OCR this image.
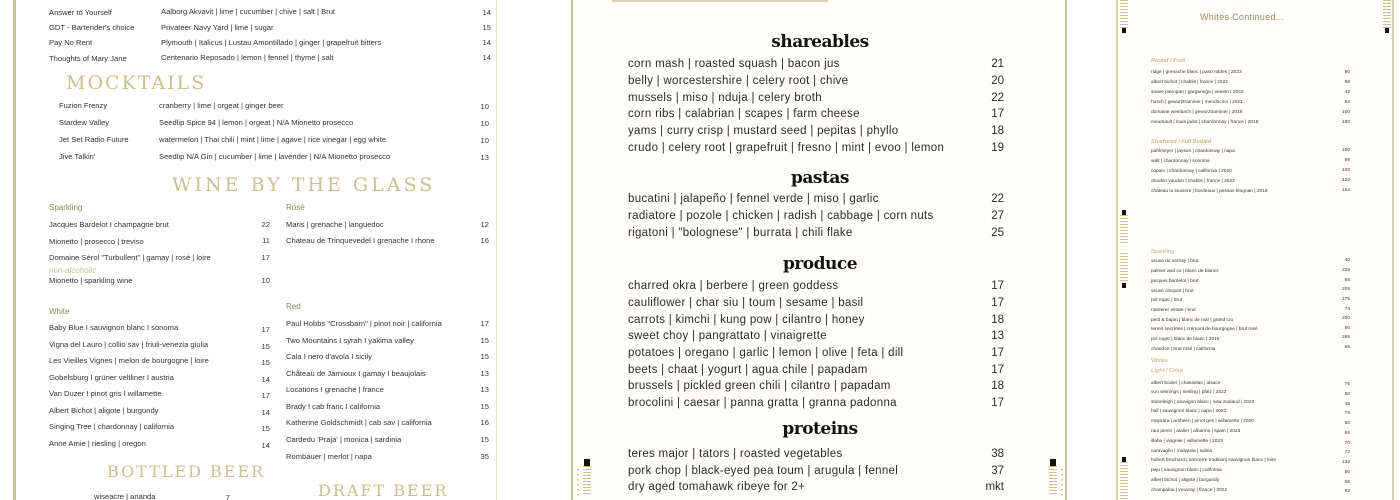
Answer to Yourself	Aalborg Akvavit | lime | cucumber | chive | salt | Brut	14
GDT - Bartender's choice	Privateer Navy Yard | lime | sugar	15
Pay No Rent	Plymouth | Italicus | Lustau Amontillado | ginger | grapefruit bitters	14
Thoughts of Mary Jane	Centenario Reposado | lemon | fennel | thyme | salt	14
MOCKTAILS
Fuzion Frenzy	cranberry | lime | orgeat | ginger beer	10
Stardew Valley	Seedlip Spice 94 | lemon | orgeat | N/A Mionetto prosecco	10
Jet Set Radio Future	watermelon | Thai chili | mint | lime | agave | rice vinegar | egg white	10
Jive Talkin'	Seedlip N/A Gin | cucumber | lime | lavender | N/A Mionetto prosecco	13
WINE BY THE GLASS
Sparkling
Jacques Bardelot I champagne brut	22
Mionetto | prosecco | treviso	11
Domaine Sérol "Turbullent" | gamay | rosé | loire	17
non-alcoholic
Mionetto | sparkling wine	10
Rosé
Maris | grenache | languedoc	12
Chateau de Trinquevedel I grenache I rhone	16
White
Baby Blue I sauvignon blanc I sonoma	17
Vigna del Lauro | collio sav | friuli-venezia giulia	15
Les Vieilles Vignes | melon de bourgogne | loire	15
Gobelsburg I grüner veltliner I austria	14
Van Duzer I pinot gris I willamette	17
Albert Bichot | aligote | burgundy	14
Singing Tree | chardonnay | california	15
Anne Amie | riesling | oregon	14
Red
Paul Hobbs "Crossbarn" | pinot noir | california	17
Two Mountains I syrah I yakima valley	15
Cala I nero d'avola I sicily	15
Château de Jarnioux I gamay I beaujolais	13
Locations I grenache | france	13
Brady I cab franc I california	15
Katherine Goldschmidt | cab sav | california	16
Cardedu 'Praja' | monica | sardinia	15
Rombauer | merlot | napa	35
BOTTLED BEER
wiseacre | ananda	7	DRAFT BEER
shareables
corn mash | roasted squash | bacon jus	21
belly | worcestershire | celery root | chive	20
mussels | miso | nduja | celery broth	22
corn ribs | calabrian | scapes | farm cheese	17
yams | curry crisp | mustard seed | pepitas | phyllo	18
crudo | celery root | grapefruit | fresno | mint | evoo | lemon	19
pastas
bucatini | jalapeño | fennel verde | miso | garlic	22
radiatore | pozole | chicken | radish | cabbage | corn nuts	27
rigatoni | "bolognese" | burrata | chili flake	25
produce
charred okra | berbere | green goddess	17
cauliflower | char siu | toum | sesame | basil	17
carrots | kimchi | kung pow | cilantro | honey	18
sweet choy | pangrattato | vinaigrette	13
potatoes | oregano | garlic | lemon | olive | feta | dill	17
beets | chaat | yogurt | agua chile | papadam	17
brussels | pickled green chili | cilantro | papadam	18
brocolini | caesar | panna gratta | granna padonna	17
proteins
teres major | tators | roasted vegetables	38
pork chop | black-eyed pea toum | arugula | fennel	37
dry aged tomahawk ribeye for 2+	mkt
Whites Continued...
Round / Fruit
ridge | grenache blanc | paso robles | 2023	90
albert bichot | chablis | france | 2022	98
soave pieropan | garganega | veneto | 2023	42
husch | gewurztraminer | mendocino | 2021	52
domaine weinbach | gewurztraminer | 2018	100
meursault | louis jadot | chardonnay | france | 2018	180
Stuctured / Full Bodied
pahlmeyer | jayson | chardonnay | napa	160
walt | chardonnay | sonoma	99
copain | chardonnay | california | 2020	100
drouhin vaudon | chablis | france | 2022	120
chateau la louviere | bordeaux | pessac-léognan | 2018	154
Sparkling
veuve du vernay | brut	40
palmer and co | blanc de blancs	228
jacques bardelot | brut	88
veuve clicquot | brut	205
pol roger | brut	175
roederer estate | brut	74
petit & bajan | blanc de noir | grand cru	200
terres secrètes | crémant de bourgogne | brut rosé	60
pol roger | blanc de blanc | 2015	265
chandon | brut rosé | california	66
Whites
Light / Crisp
albert boxler | chasselas | alsace	75
von winnings | riesling | pfalz | 2022	50
stoneleigh | sauvigon blanc | new zealand | 2023	45
hall | sauvignon blanc | napa | 2023	79
maysara | arsheen | pinot gris | willamette | 2020	60
raul perez | atalier | albarino | spain | 2023	86
illahe | viognier | willamette | 2023	70
caravaglio | malvasia | salina	72
hubert brochard | sancerre tradition| sauvignon blanc | loire	132
peju | sauvignon blanc | california	60
albert bichot | aligote | burgundy	56
champalou | vouvray | france | 2022	92
